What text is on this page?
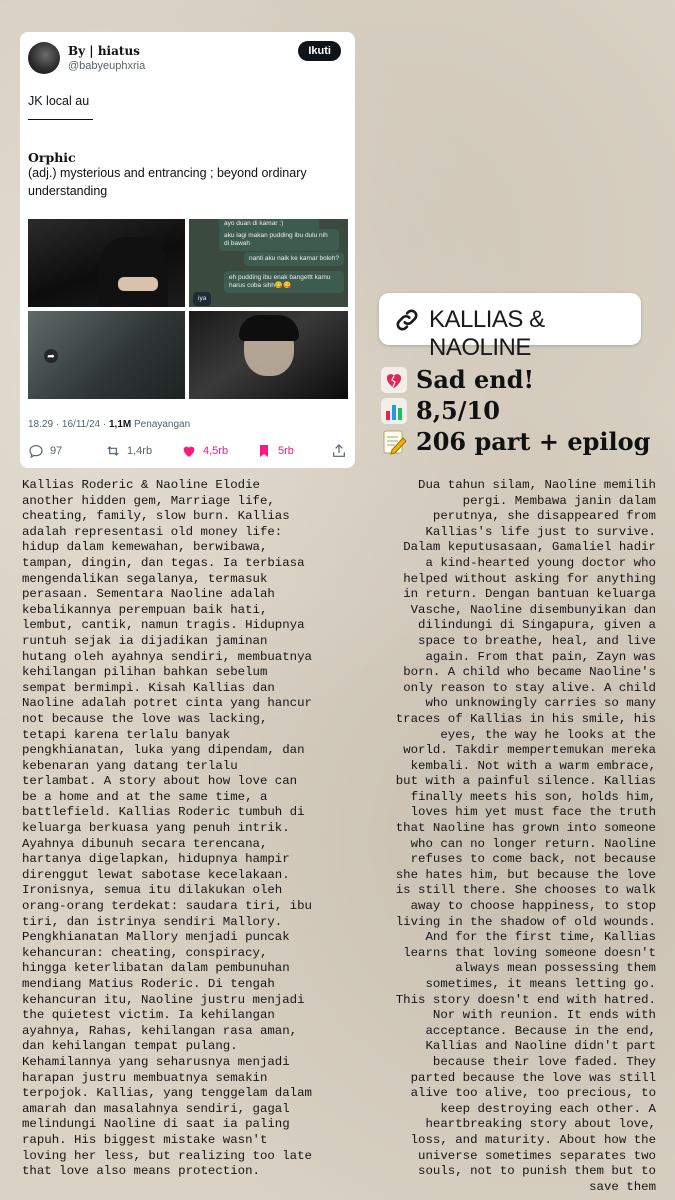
By | hiatus
@babyeuphxria
Ikuti
JK local au
Orphic
(adj.) mysterious and entrancing ; beyond ordinary understanding
ayo duan di kamar :)
aku lagi makan pudding ibu dulu nih di bawah
nanti aku naik ke kamar boleh?
eh pudding ibu enak bangettt kamu harus coba sihh😋😋
iya
➦
18.29 · 16/11/24 · 1,1M Penayangan
97	1,4rb	4,5rb	5rb
KALLIAS & NAOLINE
Sad end!
8,5/10
206 part + epilog
Kallias Roderic & Naoline Elodie
another hidden gem, Marriage life,
cheating, family, slow burn. Kallias
adalah representasi old money life:
hidup dalam kemewahan, berwibawa,
tampan, dingin, dan tegas. Ia terbiasa
mengendalikan segalanya, termasuk
perasaan. Sementara Naoline adalah
kebalikannya perempuan baik hati,
lembut, cantik, namun tragis. Hidupnya
runtuh sejak ia dijadikan jaminan
hutang oleh ayahnya sendiri, membuatnya
kehilangan pilihan bahkan sebelum
sempat bermimpi. Kisah Kallias dan
Naoline adalah potret cinta yang hancur
not because the love was lacking,
tetapi karena terlalu banyak
pengkhianatan, luka yang dipendam, dan
kebenaran yang datang terlalu
terlambat. A story about how love can
be a home and at the same time, a
battlefield. Kallias Roderic tumbuh di
keluarga berkuasa yang penuh intrik.
Ayahnya dibunuh secara terencana,
hartanya digelapkan, hidupnya hampir
direnggut lewat sabotase kecelakaan.
Ironisnya, semua itu dilakukan oleh
orang-orang terdekat: saudara tiri, ibu
tiri, dan istrinya sendiri Mallory.
Pengkhianatan Mallory menjadi puncak
kehancuran: cheating, conspiracy,
hingga keterlibatan dalam pembunuhan
mendiang Matius Roderic. Di tengah
kehancuran itu, Naoline justru menjadi
the quietest victim. Ia kehilangan
ayahnya, Rahas, kehilangan rasa aman,
dan kehilangan tempat pulang.
Kehamilannya yang seharusnya menjadi
harapan justru membuatnya semakin
terpojok. Kallias, yang tenggelam dalam
amarah dan masalahnya sendiri, gagal
melindungi Naoline di saat ia paling
rapuh. His biggest mistake wasn't
loving her less, but realizing too late
that love also means protection.
Dua tahun silam, Naoline memilih
pergi. Membawa janin dalam
perutnya, she disappeared from
Kallias's life just to survive.
Dalam keputusasaan, Gamaliel hadir
a kind-hearted young doctor who
helped without asking for anything
in return. Dengan bantuan keluarga
Vasche, Naoline disembunyikan dan
dilindungi di Singapura, given a
space to breathe, heal, and live
again. From that pain, Zayn was
born. A child who became Naoline's
only reason to stay alive. A child
who unknowingly carries so many
traces of Kallias in his smile, his
eyes, the way he looks at the
world. Takdir mempertemukan mereka
kembali. Not with a warm embrace,
but with a painful silence. Kallias
finally meets his son, holds him,
loves him yet must face the truth
that Naoline has grown into someone
who can no longer return. Naoline
refuses to come back, not because
she hates him, but because the love
is still there. She chooses to walk
away to choose happiness, to stop
living in the shadow of old wounds.
And for the first time, Kallias
learns that loving someone doesn't
always mean possessing them
sometimes, it means letting go.
This story doesn't end with hatred.
Nor with reunion. It ends with
acceptance. Because in the end,
Kallias and Naoline didn't part
because their love faded. They
parted because the love was still
alive too alive, too precious, to
keep destroying each other. A
heartbreaking story about love,
loss, and maturity. About how the
universe sometimes separates two
souls, not to punish them but to
save them
